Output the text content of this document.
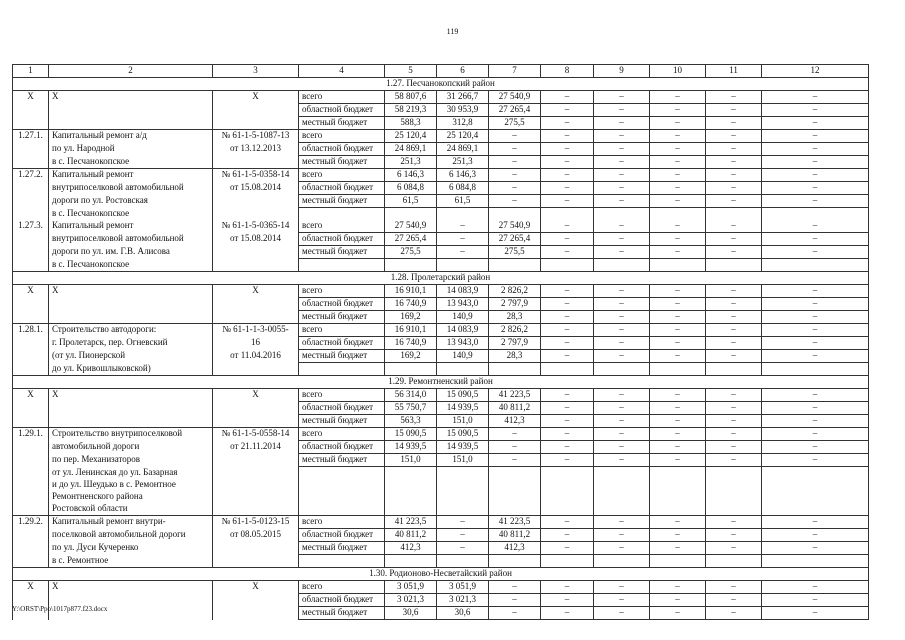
119
1	2	3	4	5	6	7	8	9	10	11	12
1.27. Песчанокопский район											
X	X	X	всего	58 807,6	31 266,7	27 540,9	–	–	–	–	–
			областной бюджет	58 219,3	30 953,9	27 265,4	–	–	–	–	–
			местный бюджет	588,3	312,8	275,5	–	–	–	–	–
1.27.1.	Капитальный ремонт а/д	№ 61-1-5-1087-13	всего	25 120,4	25 120,4	–	–	–	–	–	–
	по ул. Народной	от 13.12.2013	областной бюджет	24 869,1	24 869,1	–	–	–	–	–	–
	в с. Песчанокопское		местный бюджет	251,3	251,3	–	–	–	–	–	–
1.27.2.	Капитальный ремонт	№ 61-1-5-0358-14	всего	6 146,3	6 146,3	–	–	–	–	–	–
	внутрипоселковой автомобильной	от 15.08.2014	областной бюджет	6 084,8	6 084,8	–	–	–	–	–	–
	дороги по ул. Ростовская		местный бюджет	61,5	61,5	–	–	–	–	–	–
	в с. Песчанокопское										
1.27.3.	Капитальный ремонт	№ 61-1-5-0365-14	всего	27 540,9	–	27 540,9	–	–	–	–	–
	внутрипоселковой автомобильной	от 15.08.2014	областной бюджет	27 265,4	–	27 265,4	–	–	–	–	–
	дороги по ул. им. Г.В. Алисова		местный бюджет	275,5	–	275,5	–	–	–	–	–
	в с. Песчанокопское										
1.28. Пролетарский район											
X	X	X	всего	16 910,1	14 083,9	2 826,2	–	–	–	–	–
			областной бюджет	16 740,9	13 943,0	2 797,9	–	–	–	–	–
			местный бюджет	169,2	140,9	28,3	–	–	–	–	–
1.28.1.	Строительство автодороги:	№ 61-1-1-3-0055-	всего	16 910,1	14 083,9	2 826,2	–	–	–	–	–
	г. Пролетарск, пер. Огневский	16	областной бюджет	16 740,9	13 943,0	2 797,9	–	–	–	–	–
	(от ул. Пионерской	от 11.04.2016	местный бюджет	169,2	140,9	28,3	–	–	–	–	–
	до ул. Кривошлыковской)										
1.29. Ремонтненский район											
X	X	X	всего	56 314,0	15 090,5	41 223,5	–	–	–	–	–
			областной бюджет	55 750,7	14 939,5	40 811,2	–	–	–	–	–
			местный бюджет	563,3	151,0	412,3	–	–	–	–	–
1.29.1.	Строительство внутрипоселковой	№ 61-1-5-0558-14	всего	15 090,5	15 090,5	–	–	–	–	–	–
	автомобильной дороги	от 21.11.2014	областной бюджет	14 939,5	14 939,5	–	–	–	–	–	–
	по пер. Механизаторов		местный бюджет	151,0	151,0	–	–	–	–	–	–
	от ул. Ленинская до ул. Базарная										
	и до ул. Шеудько в с. Ремонтное										
	Ремонтненского района										
	Ростовской области										
1.29.2.	Капитальный ремонт внутри-	№ 61-1-5-0123-15	всего	41 223,5	–	41 223,5	–	–	–	–	–
	поселковой автомобильной дороги	от 08.05.2015	областной бюджет	40 811,2	–	40 811,2	–	–	–	–	–
	по ул. Дуси Кучеренко		местный бюджет	412,3	–	412,3	–	–	–	–	–
	в с. Ремонтное										
1.30. Родионово-Несветайский район											
X	X	X	всего	3 051,9	3 051,9	–	–	–	–	–	–
			областной бюджет	3 021,3	3 021,3	–	–	–	–	–	–
			местный бюджет	30,6	30,6	–	–	–	–	–	–
Y:\ORST\Ppo\1017p877.f23.docx
